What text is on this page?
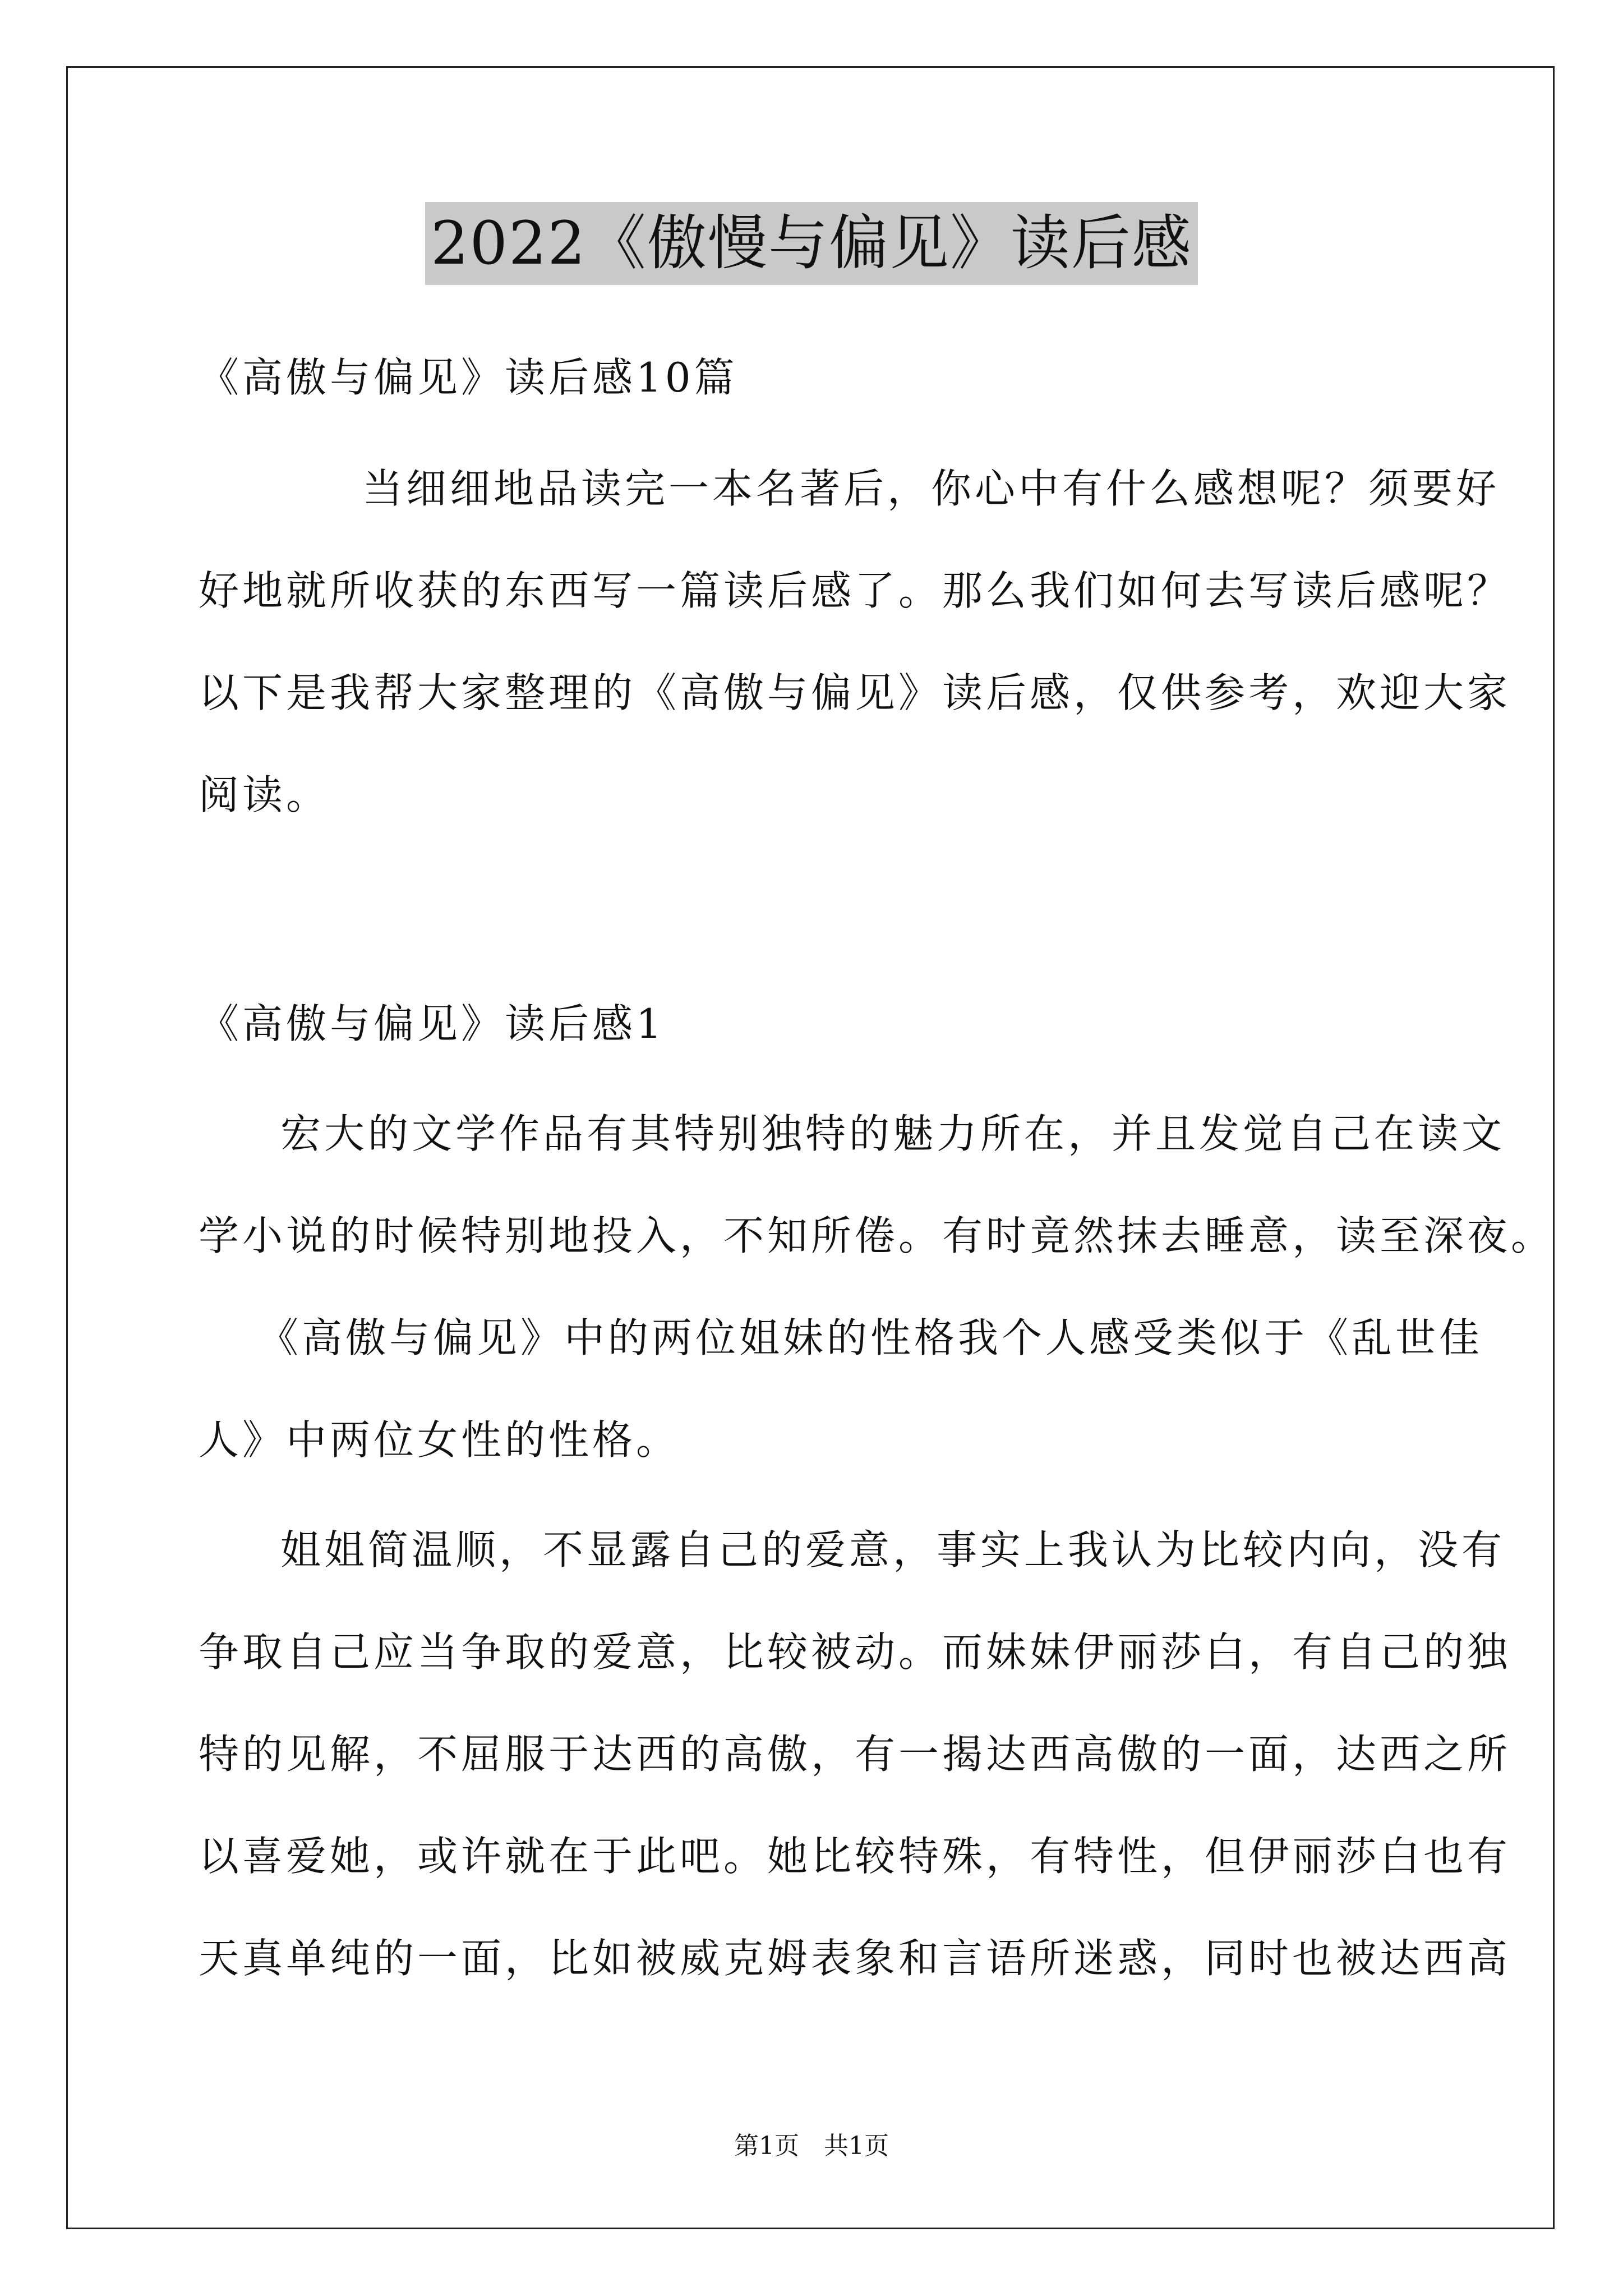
2022《傲慢与偏见》读后感
《高傲与偏见》读后感10篇
当细细地品读完一本名著后，你心中有什么感想呢？须要好
好地就所收获的东西写一篇读后感了。那么我们如何去写读后感呢？
以下是我帮大家整理的《高傲与偏见》读后感，仅供参考，欢迎大家
阅读。
《高傲与偏见》读后感1
宏大的文学作品有其特别独特的魅力所在，并且发觉自己在读文
学小说的时候特别地投入，不知所倦。有时竟然抹去睡意，读至深夜。
《高傲与偏见》中的两位姐妹的性格我个人感受类似于《乱世佳
人》中两位女性的性格。
姐姐简温顺，不显露自己的爱意，事实上我认为比较内向，没有
争取自己应当争取的爱意，比较被动。而妹妹伊丽莎白，有自己的独
特的见解，不屈服于达西的高傲，有一揭达西高傲的一面，达西之所
以喜爱她，或许就在于此吧。她比较特殊，有特性，但伊丽莎白也有
天真单纯的一面，比如被威克姆表象和言语所迷惑，同时也被达西高
第1页　共1页
